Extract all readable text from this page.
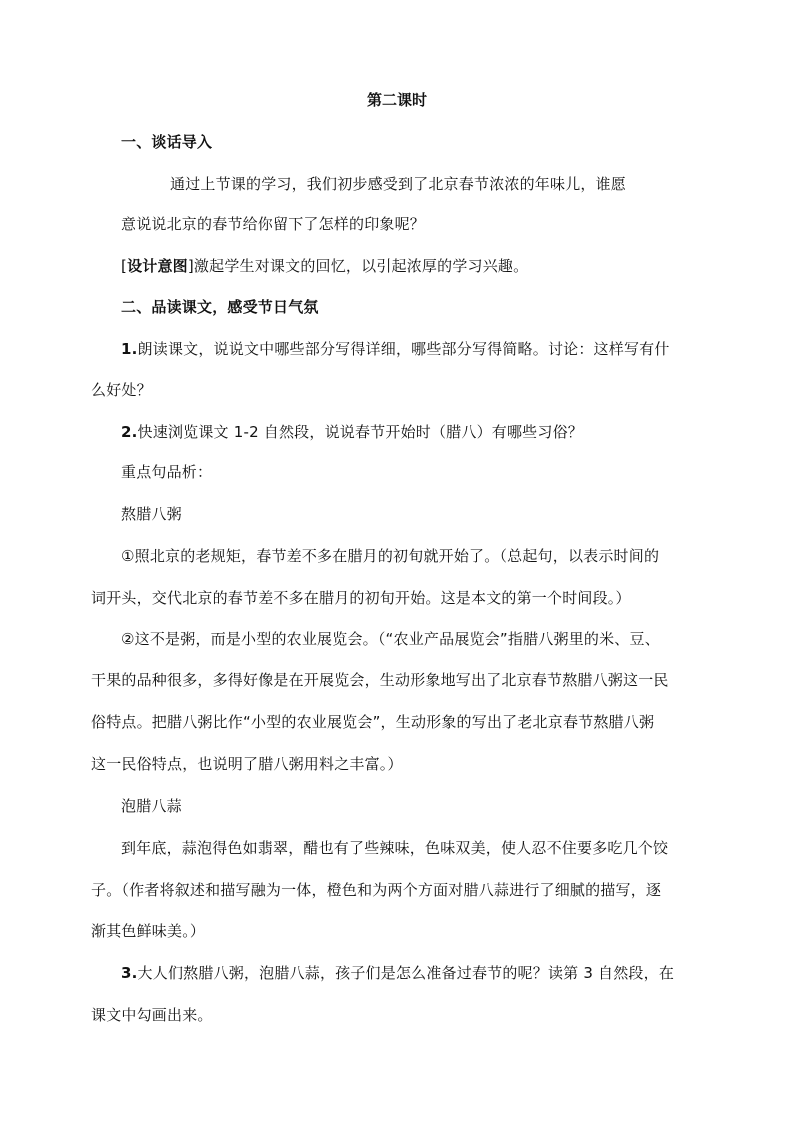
第二课时
一、谈话导入
通过上节课的学习，我们初步感受到了北京春节浓浓的年味儿，谁愿
意说说北京的春节给你留下了怎样的印象呢？
[设计意图]激起学生对课文的回忆，以引起浓厚的学习兴趣。
二、品读课文，感受节日气氛
1.朗读课文，说说文中哪些部分写得详细，哪些部分写得简略。讨论：这样写有什
么好处？
2.快速浏览课文 1-2 自然段，说说春节开始时（腊八）有哪些习俗？
重点句品析：
熬腊八粥
①照北京的老规矩，春节差不多在腊月的初旬就开始了。（总起句，以表示时间的
词开头，交代北京的春节差不多在腊月的初旬开始。这是本文的第一个时间段。）
②这不是粥，而是小型的农业展览会。（“农业产品展览会”指腊八粥里的米、豆、
干果的品种很多，多得好像是在开展览会，生动形象地写出了北京春节熬腊八粥这一民
俗特点。把腊八粥比作“小型的农业展览会”，生动形象的写出了老北京春节熬腊八粥
这一民俗特点，也说明了腊八粥用料之丰富。）
泡腊八蒜
到年底，蒜泡得色如翡翠，醋也有了些辣味，色味双美，使人忍不住要多吃几个饺
子。（作者将叙述和描写融为一体，橙色和为两个方面对腊八蒜进行了细腻的描写，逐
渐其色鲜味美。）
3.大人们熬腊八粥，泡腊八蒜，孩子们是怎么准备过春节的呢？读第 3 自然段，在
课文中勾画出来。
